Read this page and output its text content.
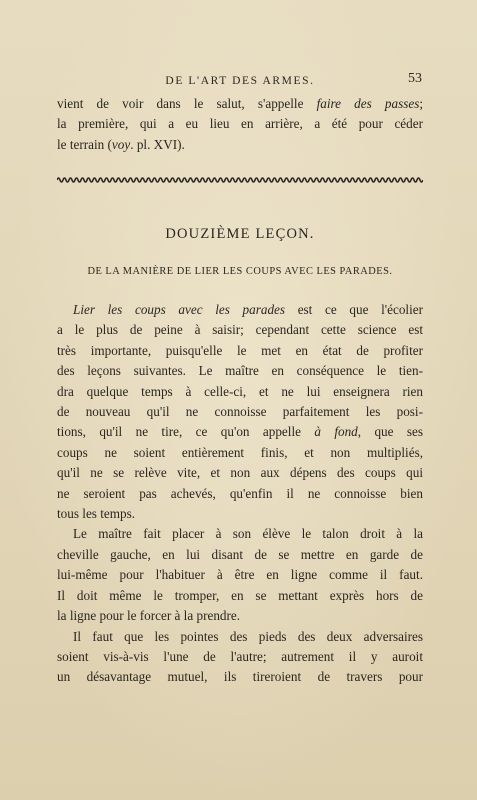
DE L'ART DES ARMES.	53
vient de voir dans le salut, s'appelle faire des passes;
la première, qui a eu lieu en arrière, a été pour céder
le terrain (voy. pl. XVI).
DOUZIÈME LEÇON.
DE LA MANIÈRE DE LIER LES COUPS AVEC LES PARADES.
Lier les coups avec les parades est ce que l'écolier
a le plus de peine à saisir; cependant cette science est
très importante, puisqu'elle le met en état de profiter
des leçons suivantes. Le maître en conséquence le tien-
dra quelque temps à celle-ci, et ne lui enseignera rien
de nouveau qu'il ne connoisse parfaitement les posi-
tions, qu'il ne tire, ce qu'on appelle à fond, que ses
coups ne soient entièrement finis, et non multipliés,
qu'il ne se relève vite, et non aux dépens des coups qui
ne seroient pas achevés, qu'enfin il ne connoisse bien
tous les temps.
Le maître fait placer à son élève le talon droit à la
cheville gauche, en lui disant de se mettre en garde de
lui-même pour l'habituer à être en ligne comme il faut.
Il doit même le tromper, en se mettant exprès hors de
la ligne pour le forcer à la prendre.
Il faut que les pointes des pieds des deux adversaires
soient vis-à-vis l'une de l'autre; autrement il y auroit
un désavantage mutuel, ils tireroient de travers pour
